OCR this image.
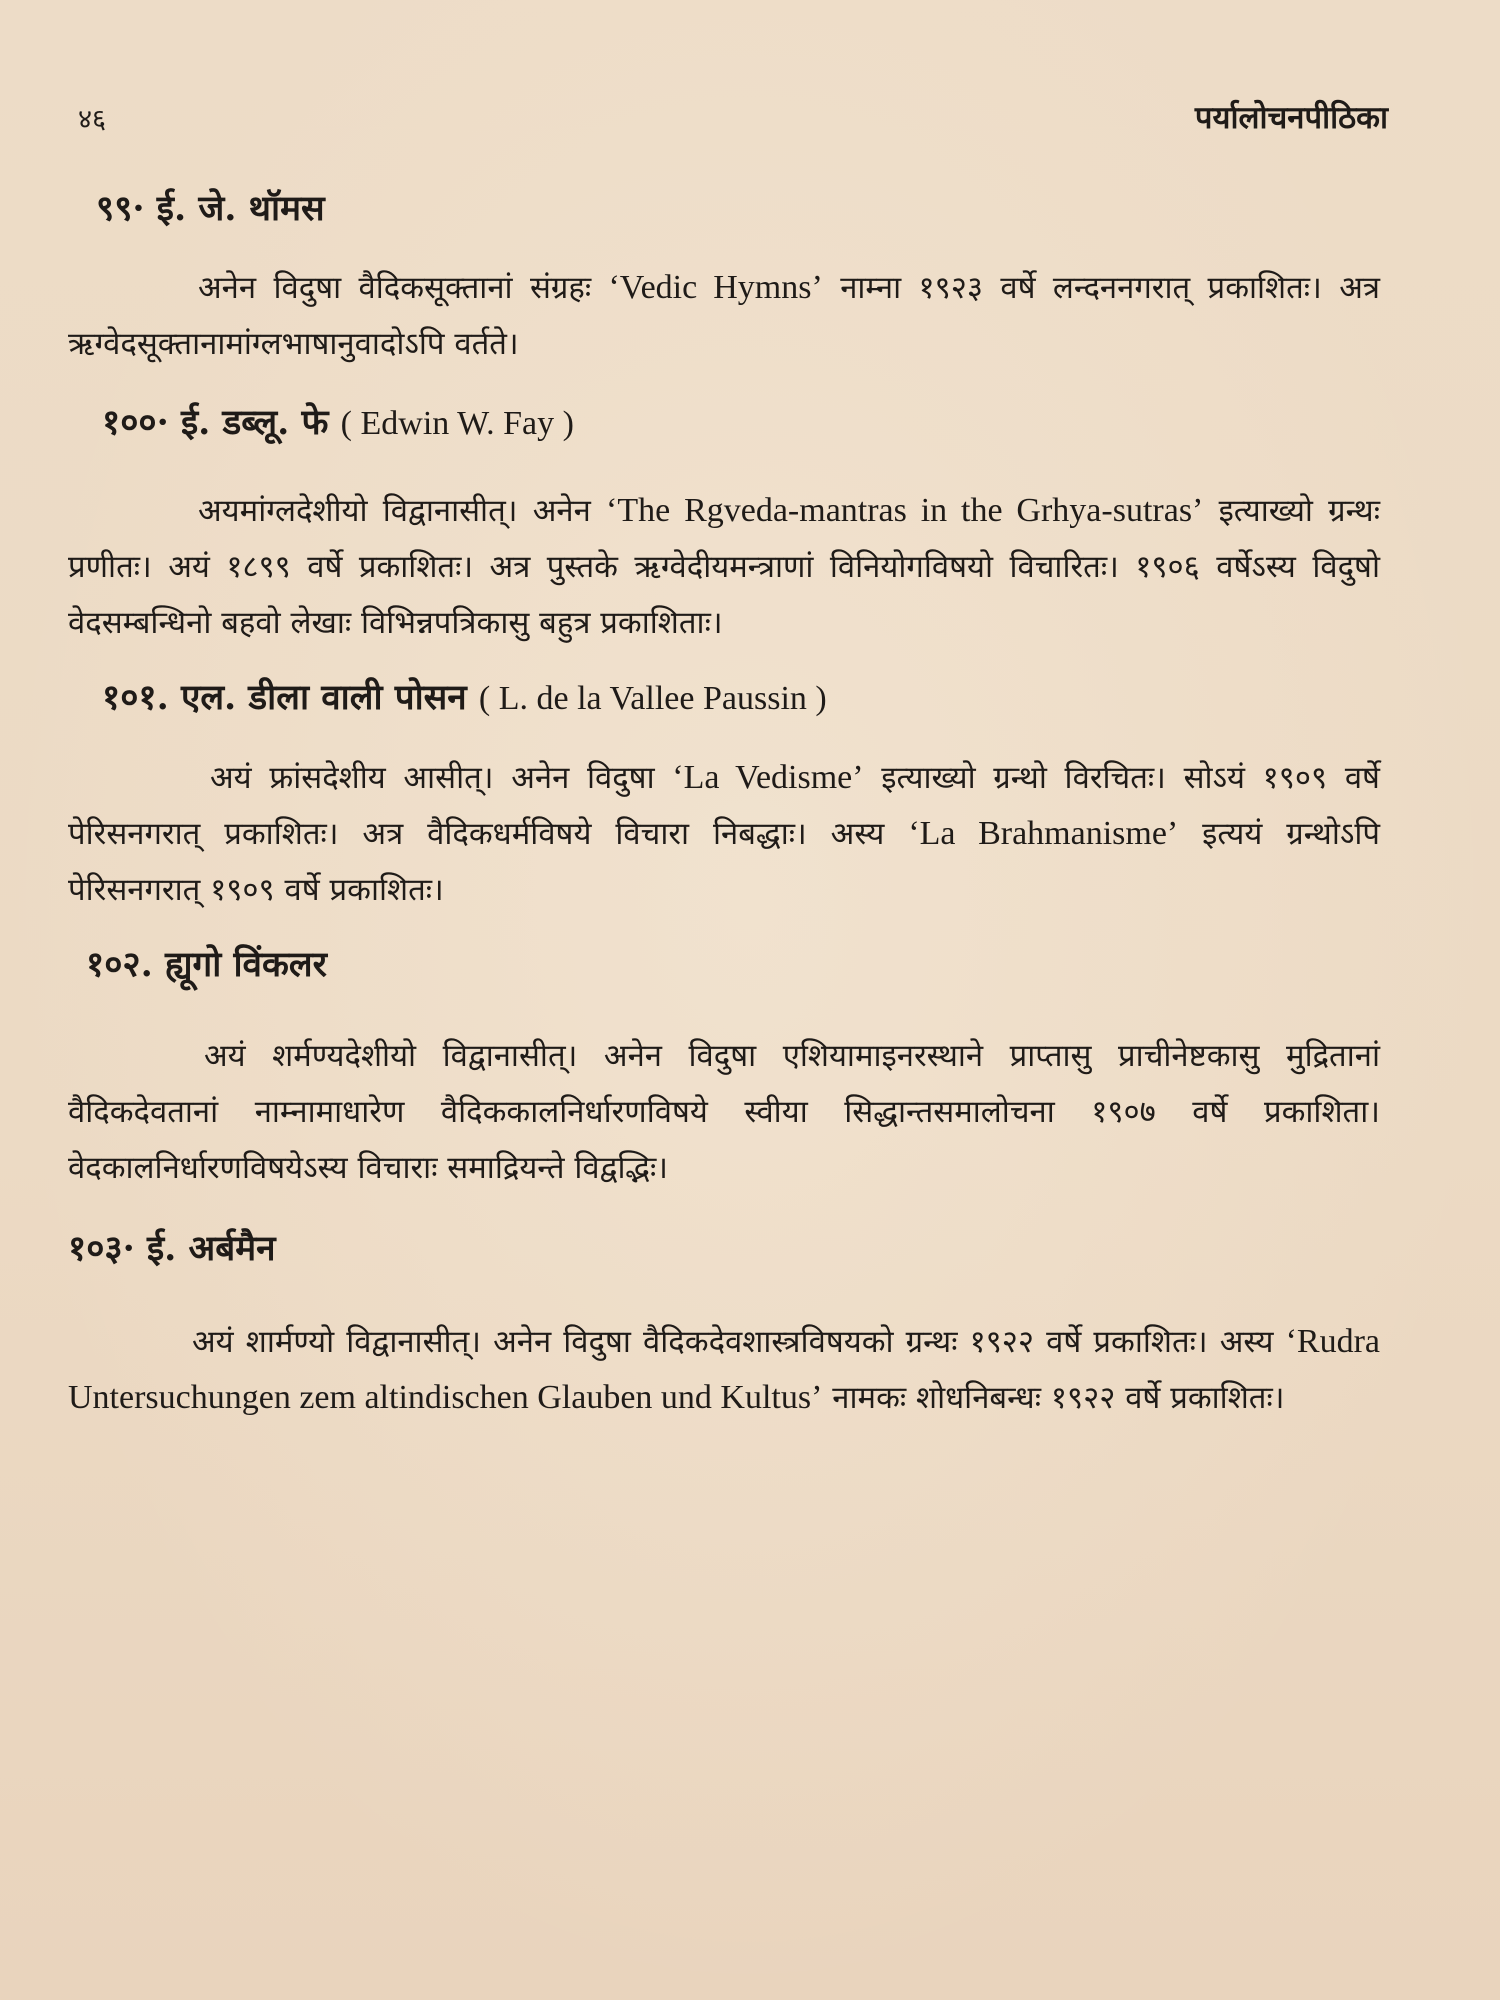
४६	पर्यालोचनपीठिका
९९· ई. जे. थॉमस

अनेन विदुषा वैदिकसूक्तानां संग्रहः ‘Vedic Hymns’ नाम्ना १९२३ वर्षे लन्दननगरात् प्रकाशितः। अत्र ऋग्वेदसूक्तानामांग्लभाषानुवादोऽपि वर्तते।

१००· ई. डब्लू. फे ( Edwin W. Fay )

अयमांग्लदेशीयो विद्वानासीत्। अनेन ‘The Rgveda-mantras in the Grhya-sutras’ इत्याख्यो ग्रन्थः प्रणीतः। अयं १८९९ वर्षे प्रकाशितः। अत्र पुस्तके ऋग्वेदीयमन्त्राणां विनियोगविषयो विचारितः। १९०६ वर्षेऽस्य विदुषो वेदसम्बन्धिनो बहवो लेखाः विभिन्नपत्रिकासु बहुत्र प्रकाशिताः।

१०१. एल. डीला वाली पोसन ( L. de la Vallee Paussin )

अयं फ्रांसदेशीय आसीत्। अनेन विदुषा ‘La Vedisme’ इत्याख्यो ग्रन्थो विरचितः। सोऽयं १९०९ वर्षे पेरिसनगरात् प्रकाशितः। अत्र वैदिकधर्मविषये विचारा निबद्धाः। अस्य ‘La Brahmanisme’ इत्ययं ग्रन्थोऽपि पेरिसनगरात् १९०९ वर्षे प्रकाशितः।

१०२. ह्यूगो विंकलर

अयं शर्मण्यदेशीयो विद्वानासीत्। अनेन विदुषा एशियामाइनरस्थाने प्राप्तासु प्राचीनेष्टकासु मुद्रितानां वैदिकदेवतानां नाम्नामाधारेण वैदिककालनिर्धारणविषये स्वीया सिद्धान्तसमालोचना १९०७ वर्षे प्रकाशिता। वेदकालनिर्धारणविषयेऽस्य विचाराः समाद्रियन्ते विद्वद्भिः।

१०३· ई. अर्बमैन

अयं शार्मण्यो विद्वानासीत्। अनेन विदुषा वैदिकदेवशास्त्रविषयको ग्रन्थः १९२२ वर्षे प्रकाशितः। अस्य ‘Rudra Untersuchungen zem altindischen Glauben und Kultus’ नामकः शोधनिबन्धः १९२२ वर्षे प्रकाशितः।
